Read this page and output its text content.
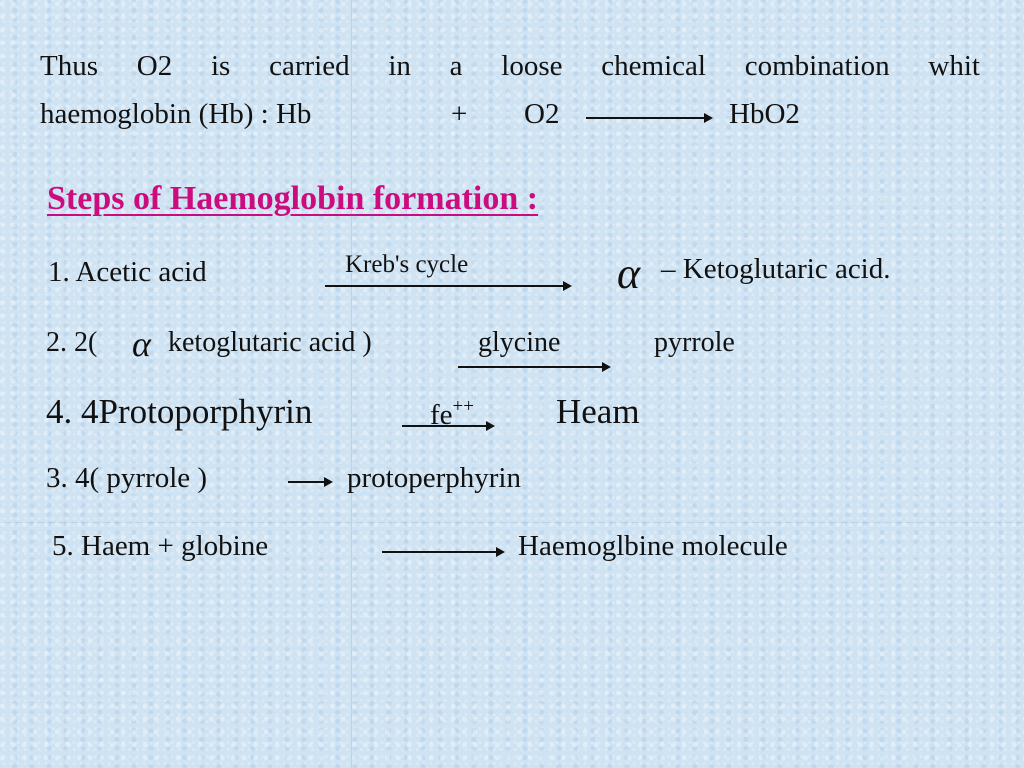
Thus O2 is carried in a loose chemical combination whit
haemoglobin (Hb) : Hb	+ O2	HbO2
Steps of Haemoglobin formation :
1. Acetic acid	Kreb's cycle	α – Ketoglutaric acid.
2. 2( α ketoglutaric acid )	glycine	pyrrole
4. 4Protoporphyrin	fe++ Heam
3. 4( pyrrole )	protoperphyrin
5. Haem + globine	Haemoglbine molecule
